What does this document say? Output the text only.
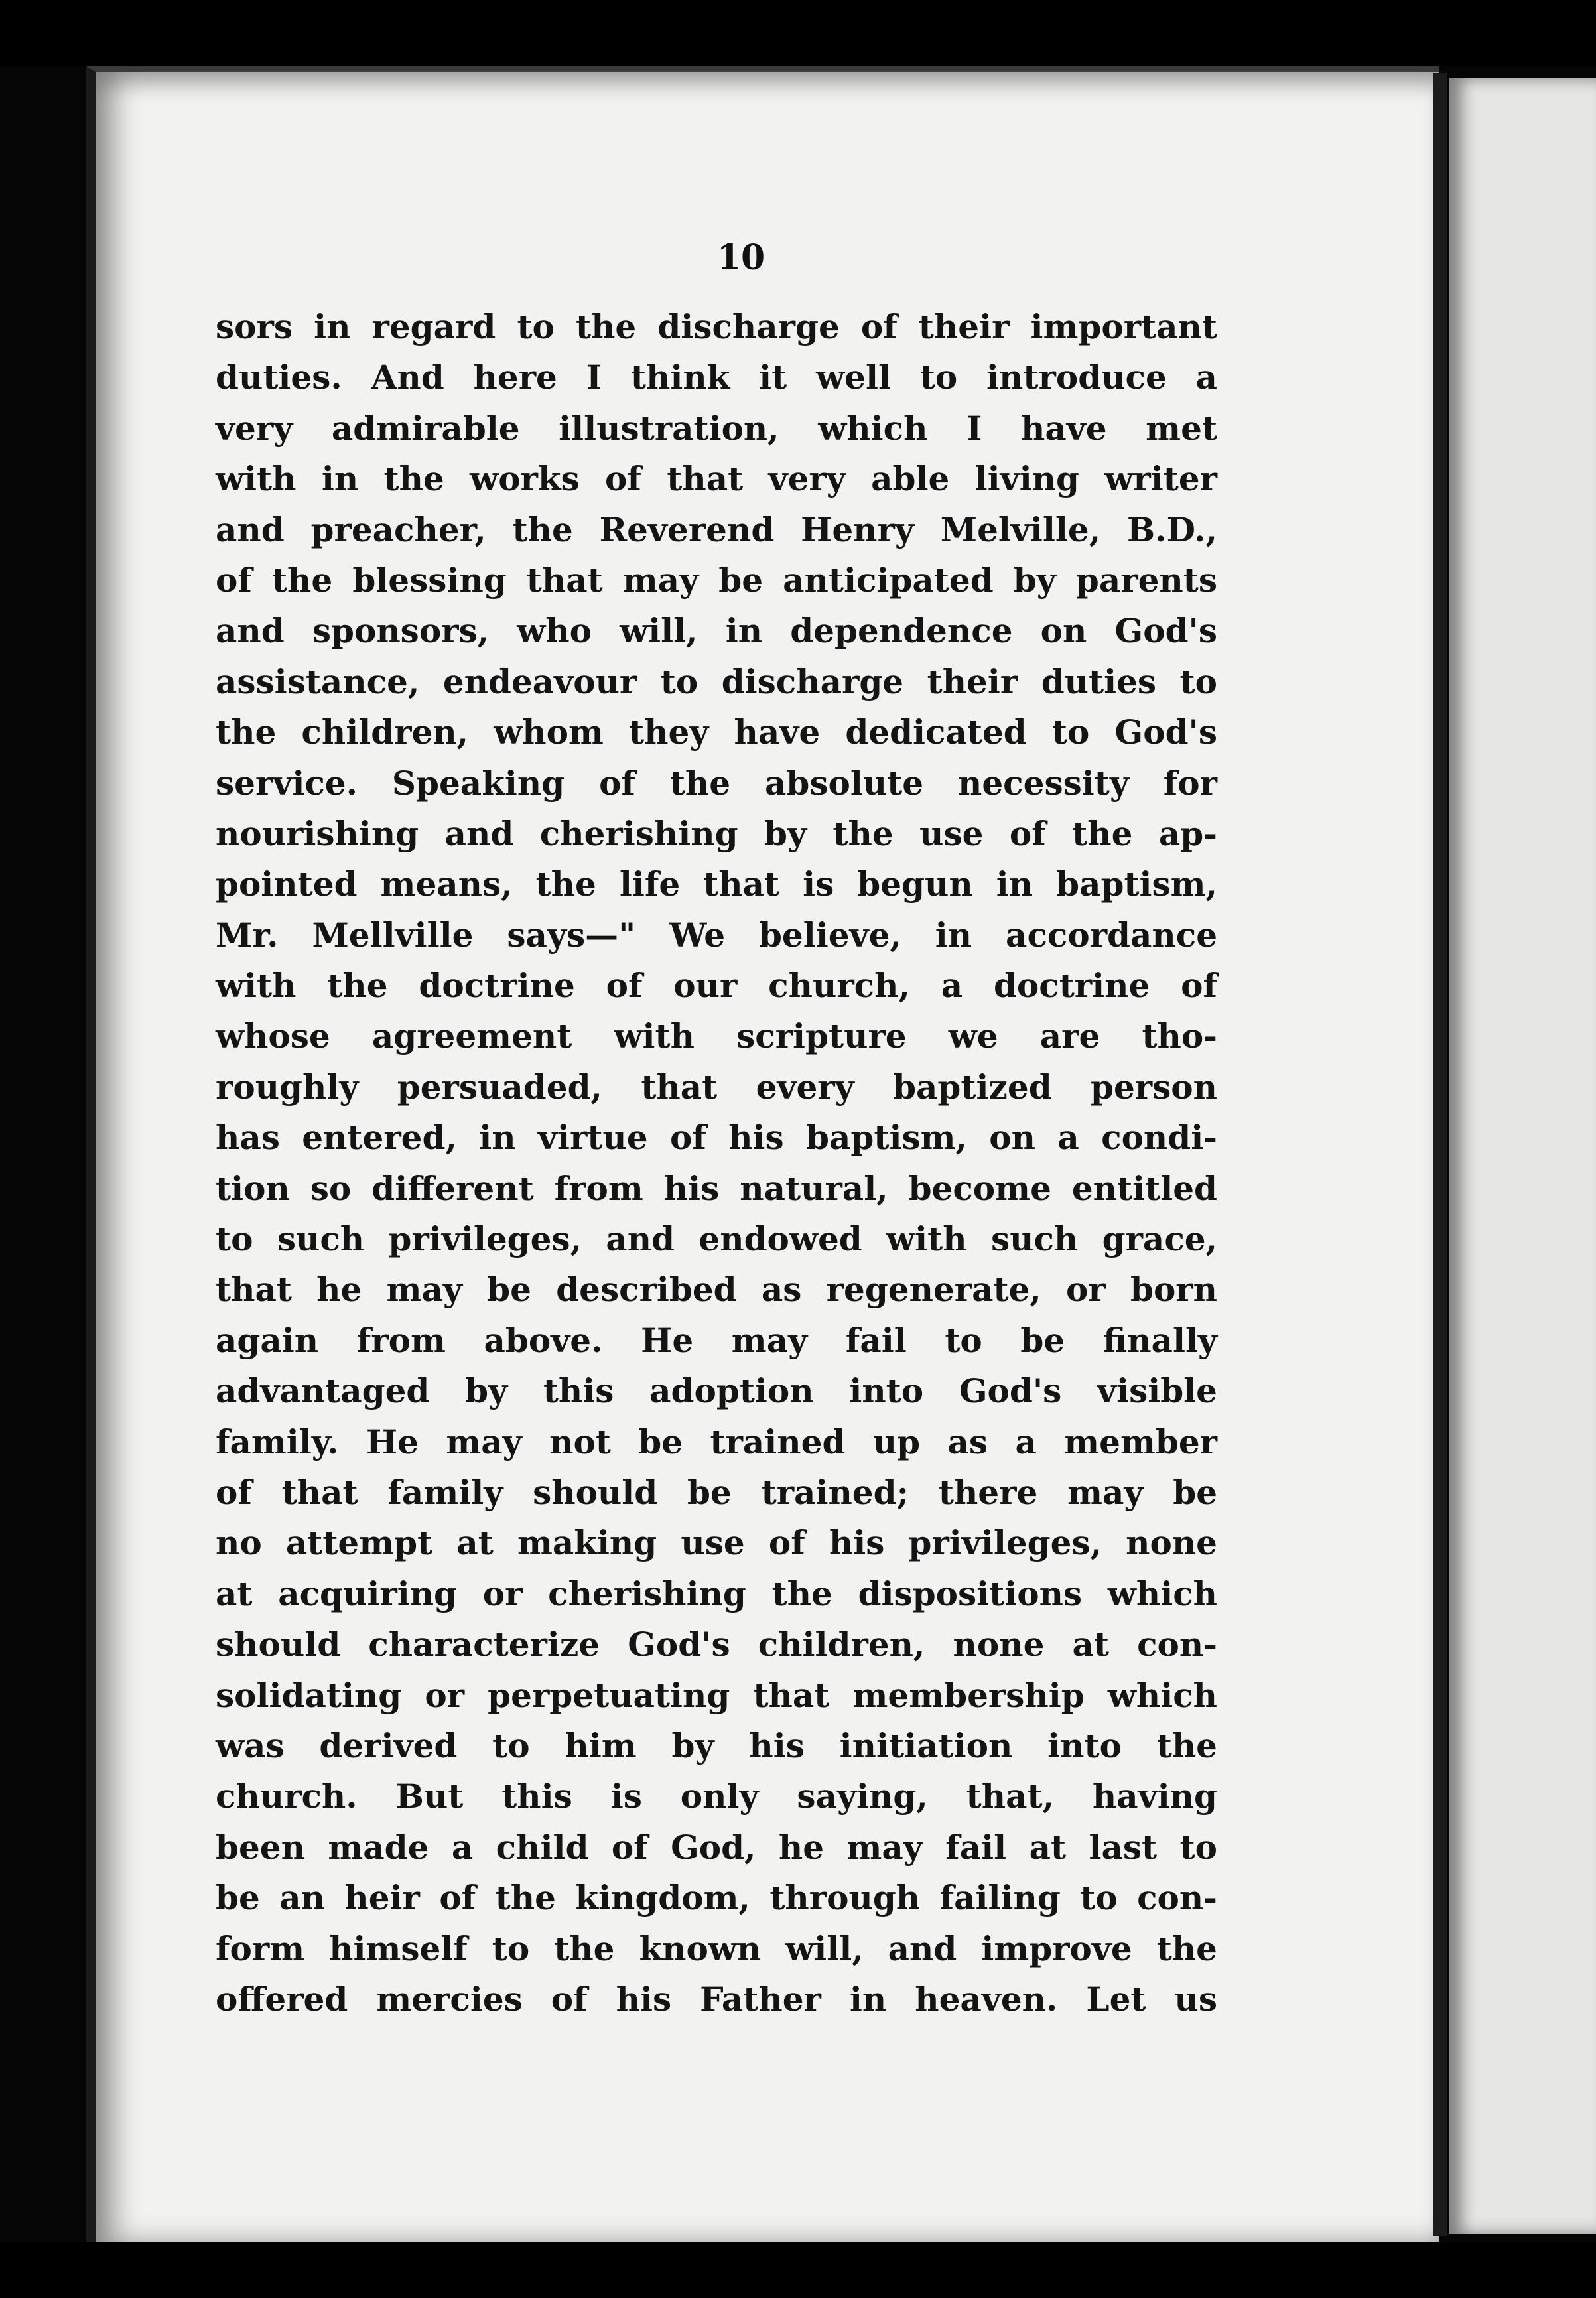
10
sors in regard to the discharge of their important
duties. And here I think it well to introduce a
very admirable illustration, which I have met
with in the works of that very able living writer
and preacher, the Reverend Henry Melville, B.D.,
of the blessing that may be anticipated by parents
and sponsors, who will, in dependence on God's
assistance, endeavour to discharge their duties to
the children, whom they have dedicated to God's
service. Speaking of the absolute necessity for
nourishing and cherishing by the use of the ap-
pointed means, the life that is begun in baptism,
Mr. Mellville says—" We believe, in accordance
with the doctrine of our church, a doctrine of
whose agreement with scripture we are tho-
roughly persuaded, that every baptized person
has entered, in virtue of his baptism, on a condi-
tion so different from his natural, become entitled
to such privileges, and endowed with such grace,
that he may be described as regenerate, or born
again from above. He may fail to be finally
advantaged by this adoption into God's visible
family. He may not be trained up as a member
of that family should be trained; there may be
no attempt at making use of his privileges, none
at acquiring or cherishing the dispositions which
should characterize God's children, none at con-
solidating or perpetuating that membership which
was derived to him by his initiation into the
church. But this is only saying, that, having
been made a child of God, he may fail at last to
be an heir of the kingdom, through failing to con-
form himself to the known will, and improve the
offered mercies of his Father in heaven. Let us
